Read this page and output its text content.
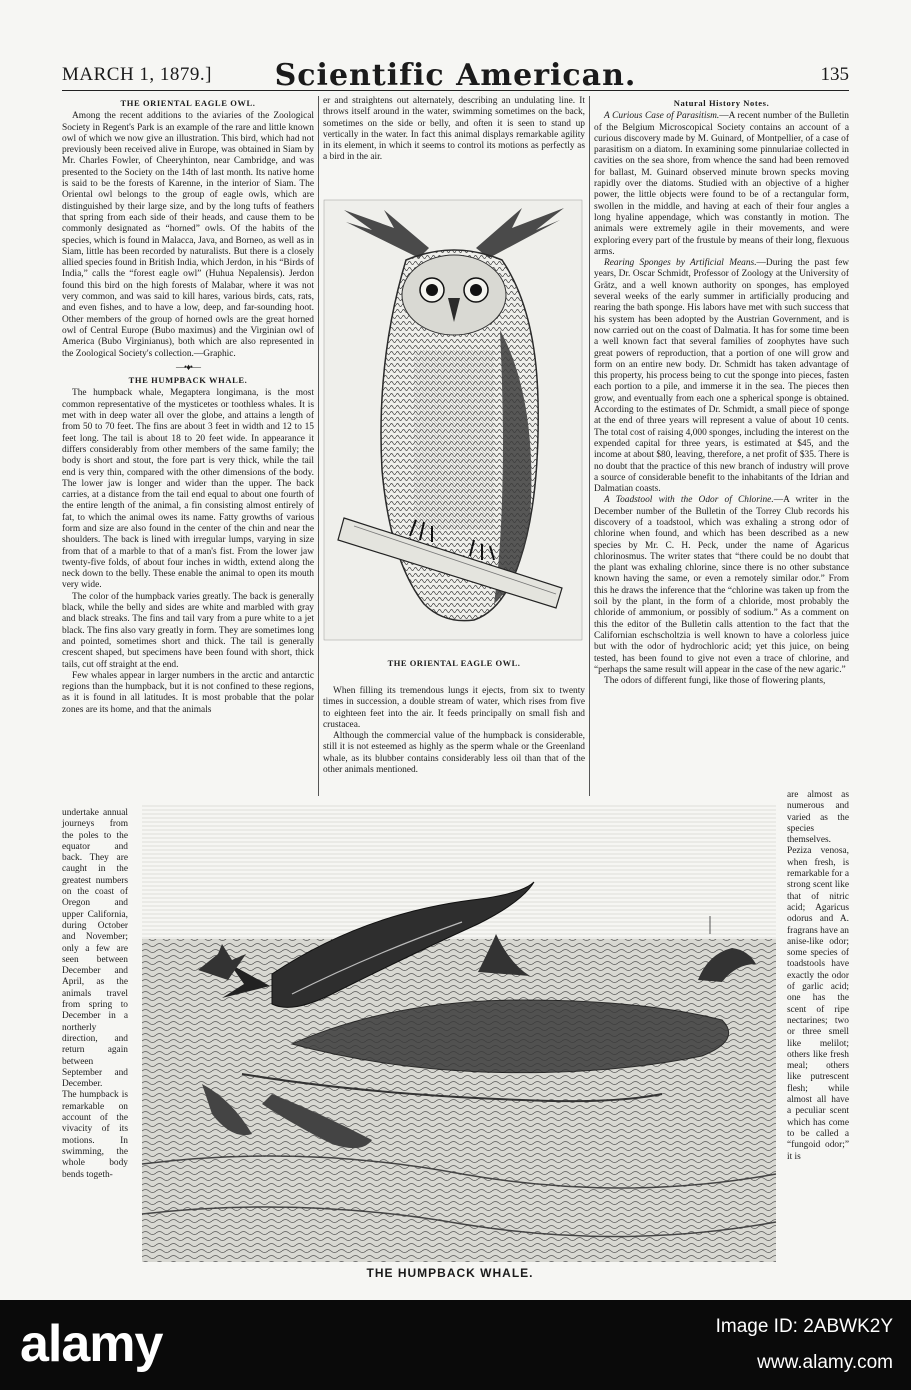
MARCH 1, 1879.]	Scientific American.	135
THE ORIENTAL EAGLE OWL.

Among the recent additions to the aviaries of the Zoological Society in Regent's Park is an example of the rare and little known owl of which we now give an illustration. This bird, which had not previously been received alive in Europe, was obtained in Siam by Mr. Charles Fowler, of Cheeryhinton, near Cambridge, and was presented to the Society on the 14th of last month. Its native home is said to be the forests of Karenne, in the interior of Siam. The Oriental owl belongs to the group of eagle owls, which are distinguished by their large size, and by the long tufts of feathers that spring from each side of their heads, and cause them to be commonly designated as “horned” owls. Of the habits of the species, which is found in Malacca, Java, and Borneo, as well as in Siam, little has been recorded by naturalists. But there is a closely allied species found in British India, which Jerdon, in his “Birds of India,” calls the “forest eagle owl” (Huhua Nepalensis). Jerdon found this bird on the high forests of Malabar, where it was not very common, and was said to kill hares, various birds, cats, rats, and even fishes, and to have a low, deep, and far-sounding hoot. Other members of the group of horned owls are the great horned owl of Central Europe (Bubo maximus) and the Virginian owl of America (Bubo Virginianus), both which are also represented in the Zoological Society's collection.—Graphic.

—•♦•—
THE HUMPBACK WHALE.

The humpback whale, Megaptera longimana, is the most common representative of the mysticetes or toothless whales. It is met with in deep water all over the globe, and attains a length of from 50 to 70 feet. The fins are about 3 feet in width and 12 to 15 feet long. The tail is about 18 to 20 feet wide. In appearance it differs considerably from other members of the same family; the body is short and stout, the fore part is very thick, while the tail end is very thin, compared with the other dimensions of the body. The lower jaw is longer and wider than the upper. The back carries, at a distance from the tail end equal to about one fourth of the entire length of the animal, a fin consisting almost entirely of fat, to which the animal owes its name. Fatty growths of various form and size are also found in the center of the chin and near the shoulders. The back is lined with irregular lumps, varying in size from that of a marble to that of a man's fist. From the lower jaw twenty-five folds, of about four inches in width, extend along the neck down to the belly. These enable the animal to open its mouth very wide.

The color of the humpback varies greatly. The back is generally black, while the belly and sides are white and marbled with gray and black streaks. The fins and tail vary from a pure white to a jet black. The fins also vary greatly in form. They are sometimes long and pointed, sometimes short and thick. The tail is generally crescent shaped, but specimens have been found with short, thick tails, cut off straight at the end.

Few whales appear in larger numbers in the arctic and antarctic regions than the humpback, but it is not confined to these regions, as it is found in all latitudes. It is most probable that the polar zones are its home, and that the animals

er and straightens out alternately, describing an undulating line. It throws itself around in the water, swimming sometimes on the back, sometimes on the side or belly, and often it is seen to stand up vertically in the water. In fact this animal displays remarkable agility in its element, in which it seems to control its motions as perfectly as a bird in the air.

THE ORIENTAL EAGLE OWL.

When filling its tremendous lungs it ejects, from six to twenty times in succession, a double stream of water, which rises from five to eighteen feet into the air. It feeds principally on small fish and crustacea.

Although the commercial value of the humpback is considerable, still it is not esteemed as highly as the sperm whale or the Greenland whale, as its blubber contains considerably less oil than that of the other animals mentioned.

Natural History Notes.

A Curious Case of Parasitism.—A recent number of the Bulletin of the Belgium Microscopical Society contains an account of a curious discovery made by M. Guinard, of Montpellier, of a case of parasitism on a diatom. In examining some pinnulariae collected in cavities on the sea shore, from whence the sand had been removed for ballast, M. Guinard observed minute brown specks moving rapidly over the diatoms. Studied with an objective of a higher power, the little objects were found to be of a rectangular form, swollen in the middle, and having at each of their four angles a long hyaline appendage, which was constantly in motion. The animals were extremely agile in their movements, and were exploring every part of the frustule by means of their long, flexuous arms.

Rearing Sponges by Artificial Means.—During the past few years, Dr. Oscar Schmidt, Professor of Zoology at the University of Grätz, and a well known authority on sponges, has employed several weeks of the early summer in artificially producing and rearing the bath sponge. His labors have met with such success that his system has been adopted by the Austrian Government, and is now carried out on the coast of Dalmatia. It has for some time been a well known fact that several families of zoophytes have such great powers of reproduction, that a portion of one will grow and form on an entire new body. Dr. Schmidt has taken advantage of this property, his process being to cut the sponge into pieces, fasten each portion to a pile, and immerse it in the sea. The pieces then grow, and eventually from each one a spherical sponge is obtained. According to the estimates of Dr. Schmidt, a small piece of sponge at the end of three years will represent a value of about 10 cents. The total cost of raising 4,000 sponges, including the interest on the expended capital for three years, is estimated at $45, and the income at about $80, leaving, therefore, a net profit of $35. There is no doubt that the practice of this new branch of industry will prove a source of considerable benefit to the inhabitants of the Idrian and Dalmatian coasts.

A Toadstool with the Odor of Chlorine.—A writer in the December number of the Bulletin of the Torrey Club records his discovery of a toadstool, which was exhaling a strong odor of chlorine when found, and which has been described as a new species by Mr. C. H. Peck, under the name of Agaricus chlorinosmus. The writer states that “there could be no doubt that the plant was exhaling chlorine, since there is no other substance known having the same, or even a remotely similar odor.” From this he draws the inference that the “chlorine was taken up from the soil by the plant, in the form of a chloride, most probably the chloride of ammonium, or possibly of sodium.” As a comment on this the editor of the Bulletin calls attention to the fact that the Californian eschscholtzia is well known to have a colorless juice but with the odor of hydrochloric acid; yet this juice, on being tested, has been found to give not even a trace of chlorine, and “perhaps the same result will appear in the case of the new agaric.”

The odors of different fungi, like those of flowering plants,

undertake annual journeys from the poles to the equator and back. They are caught in the greatest numbers on the coast of Oregon and upper California, during October and November; only a few are seen between December and April, as the animals travel from spring to December in a northerly direction, and return again between September and December.

The humpback is remarkable on account of the vivacity of its motions. In swimming, the whole body bends togeth-

are almost as numerous and varied as the species themselves. Peziza venosa, when fresh, is remarkable for a strong scent like that of nitric acid; Agaricus odorus and A. fragrans have an anise-like odor; some species of toadstools have exactly the odor of garlic acid; one has the scent of ripe nectarines; two or three smell like melilot; others like fresh meal; others like putrescent flesh; while almost all have a peculiar scent which has come to be called a “fungoid odor;” it is

THE HUMPBACK WHALE.
alamy	Image ID: 2ABWK2Y
www.alamy.com
